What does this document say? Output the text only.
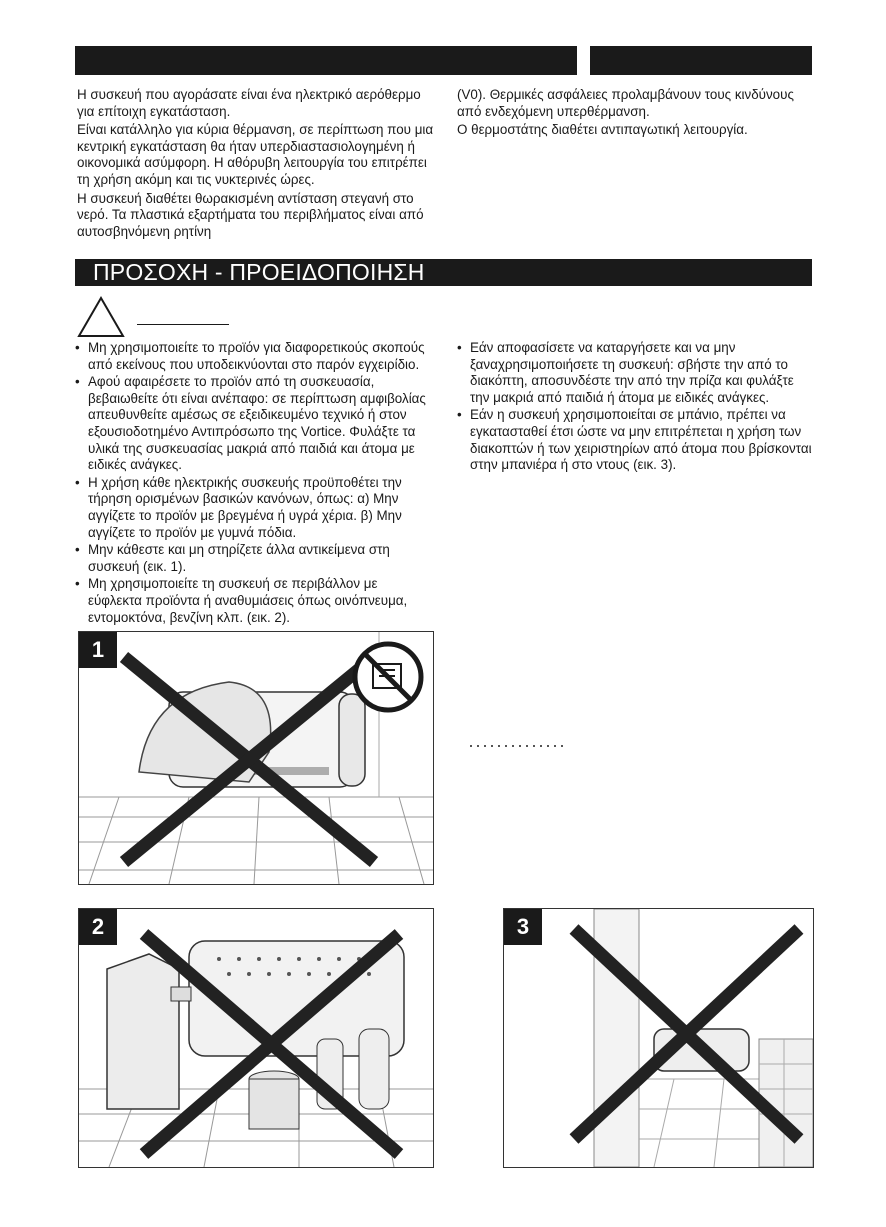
Η συσκευή που αγοράσατε είναι ένα ηλεκτρικό αερόθερμο για επίτοιχη εγκατάσταση.

Είναι κατάλληλο για κύρια θέρμανση, σε περίπτωση που μια κεντρική εγκατάσταση θα ήταν υπερδιαστασιολογημένη ή οικονομικά ασύμφορη. Η αθόρυβη λειτουργία του επιτρέπει τη χρήση ακόμη και τις νυκτερινές ώρες.

Η συσκευή διαθέτει θωρακισμένη αντίσταση στεγανή στο νερό. Τα πλαστικά εξαρτήματα του περιβλήματος είναι από αυτοσβηνόμενη ρητίνη

(V0). Θερμικές ασφάλειες προλαμβάνουν τους κινδύνους από ενδεχόμενη υπερθέρμανση.

Ο θερμοστάτης διαθέτει αντιπαγωτική λειτουργία.

ΠΡΟΣΟΧΗ - ΠΡΟΕΙΔΟΠΟΙΗΣΗ
• Μη χρησιμοποιείτε το προϊόν για διαφορετικούς σκοπούς από εκείνους που υποδεικνύονται στο παρόν εγχειρίδιο.
• Αφού αφαιρέσετε το προϊόν από τη συσκευασία, βεβαιωθείτε ότι είναι ανέπαφο: σε περίπτωση αμφιβολίας απευθυνθείτε αμέσως σε εξειδικευμένο τεχνικό ή στον εξουσιοδοτημένο Αντιπρόσωπο της Vortice. Φυλάξτε τα υλικά της συσκευασίας μακριά από παιδιά και άτομα με ειδικές ανάγκες.
• Η χρήση κάθε ηλεκτρικής συσκευής προϋποθέτει την τήρηση ορισμένων βασικών κανόνων, όπως: α) Μην αγγίζετε το προϊόν με βρεγμένα ή υγρά χέρια. β) Μην αγγίζετε το προϊόν με γυμνά πόδια.
• Μην κάθεστε και μη στηρίζετε άλλα αντικείμενα στη συσκευή (εικ. 1).
• Μη χρησιμοποιείτε τη συσκευή σε περιβάλλον με εύφλεκτα προϊόντα ή αναθυμιάσεις όπως οινόπνευμα, εντομοκτόνα, βενζίνη κλπ. (εικ. 2).
• Εάν αποφασίσετε να καταργήσετε και να μην ξαναχρησιμοποιήσετε τη συσκευή: σβήστε την από το διακόπτη, αποσυνδέστε την από την πρίζα και φυλάξτε την μακριά από παιδιά ή άτομα με ειδικές ανάγκες.
• Εάν η συσκευή χρησιμοποιείται σε μπάνιο, πρέπει να εγκατασταθεί έτσι ώστε να μην επιτρέπεται η χρήση των διακοπτών ή των χειριστηρίων από άτομα που βρίσκονται στην μπανιέρα ή στο ντους (εικ. 3).
1
2	3
